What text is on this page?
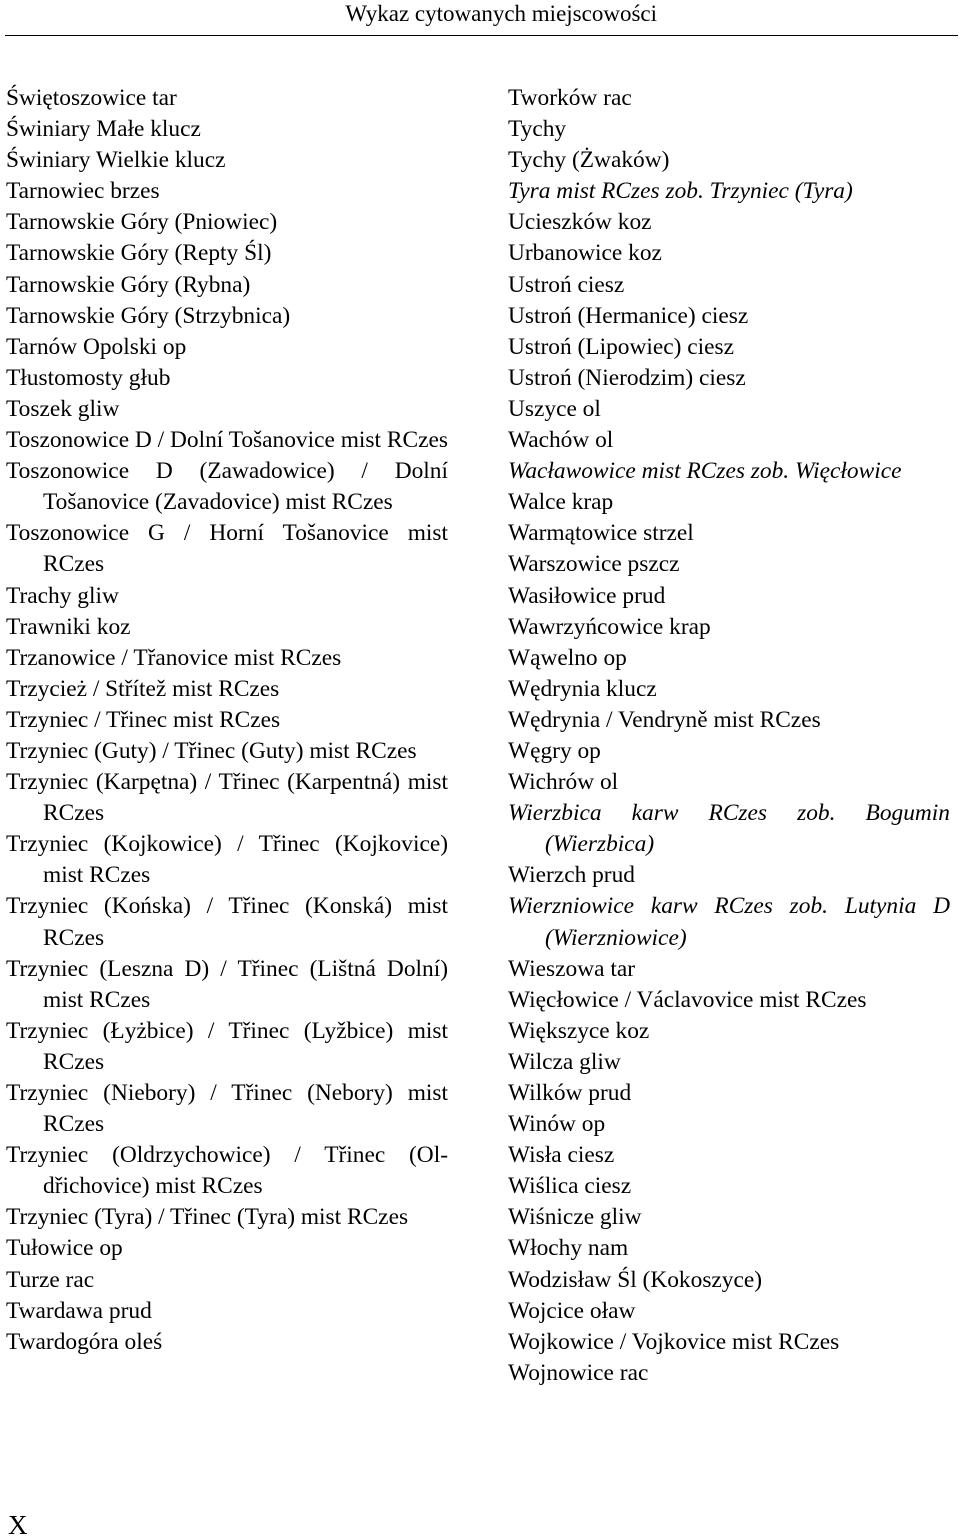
Wykaz cytowanych miejscowości
Świętoszowice tar
Świniary Małe klucz
Świniary Wielkie klucz
Tarnowiec brzes
Tarnowskie Góry (Pniowiec)
Tarnowskie Góry (Repty Śl)
Tarnowskie Góry (Rybna)
Tarnowskie Góry (Strzybnica)
Tarnów Opolski op
Tłustomosty głub
Toszek gliw
Toszonowice D / Dolní Tošanovice mist RCzes
Toszonowice D (Zawadowice) / Dolní Tošanovice (Zavadovice) mist RCzes
Toszonowice G / Horní Tošanovice mist RCzes
Trachy gliw
Trawniki koz
Trzanowice / Třanovice mist RCzes
Trzycież / Střítež mist RCzes
Trzyniec / Třinec mist RCzes
Trzyniec (Guty) / Třinec (Guty) mist RCzes
Trzyniec (Karpętna) / Třinec (Karpentná) mist RCzes
Trzyniec (Kojkowice) / Třinec (Kojkovice) mist RCzes
Trzyniec (Końska) / Třinec (Konská) mist RCzes
Trzyniec (Leszna D) / Třinec (Lištná Dolní) mist RCzes
Trzyniec (Łyżbice) / Třinec (Lyžbice) mist RCzes
Trzyniec (Niebory) / Třinec (Nebory) mist RCzes
Trzyniec (Oldrzychowice) / Třinec (Oldřichovice) mist RCzes
Trzyniec (Tyra) / Třinec (Tyra) mist RCzes
Tułowice op
Turze rac
Twardawa prud
Twardogóra oleś
Tworków rac
Tychy
Tychy (Żwaków)
Tyra mist RCzes zob. Trzyniec (Tyra)
Ucieszków koz
Urbanowice koz
Ustroń ciesz
Ustroń (Hermanice) ciesz
Ustroń (Lipowiec) ciesz
Ustroń (Nierodzim) ciesz
Uszyce ol
Wachów ol
Wacławowice mist RCzes zob. Więcłowice
Walce krap
Warmątowice strzel
Warszowice pszcz
Wasiłowice prud
Wawrzyńcowice krap
Wąwelno op
Wędrynia klucz
Wędrynia / Vendryně mist RCzes
Węgry op
Wichrów ol
Wierzbica karw RCzes zob. Bogumin (Wierzbica)
Wierzch prud
Wierzniowice karw RCzes zob. Lutynia D (Wierzniowice)
Wieszowa tar
Więcłowice / Václavovice mist RCzes
Większyce koz
Wilcza gliw
Wilków prud
Winów op
Wisła ciesz
Wiślica ciesz
Wiśnicze gliw
Włochy nam
Wodzisław Śl (Kokoszyce)
Wojcice oław
Wojkowice / Vojkovice mist RCzes
Wojnowice rac
X
